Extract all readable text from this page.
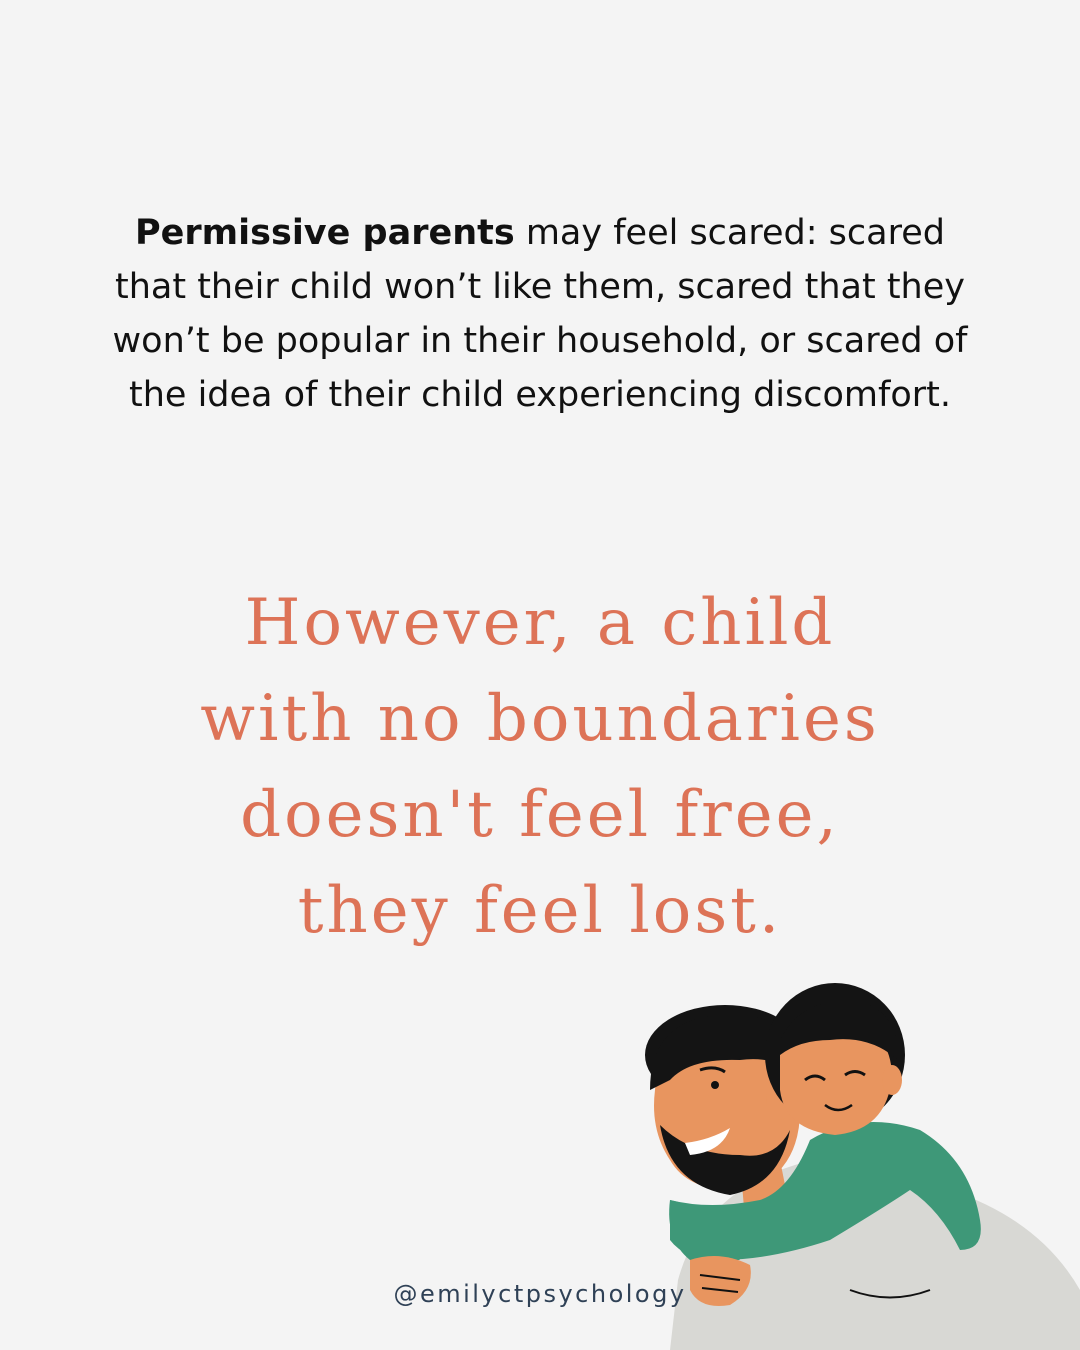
Permissive parents may feel scared: scared that their child won’t like them, scared that they won’t be popular in their household, or scared of the idea of their child experiencing discomfort.
However, a child
with no boundaries
doesn't feel free,
they feel lost.
@emilyctpsychology
